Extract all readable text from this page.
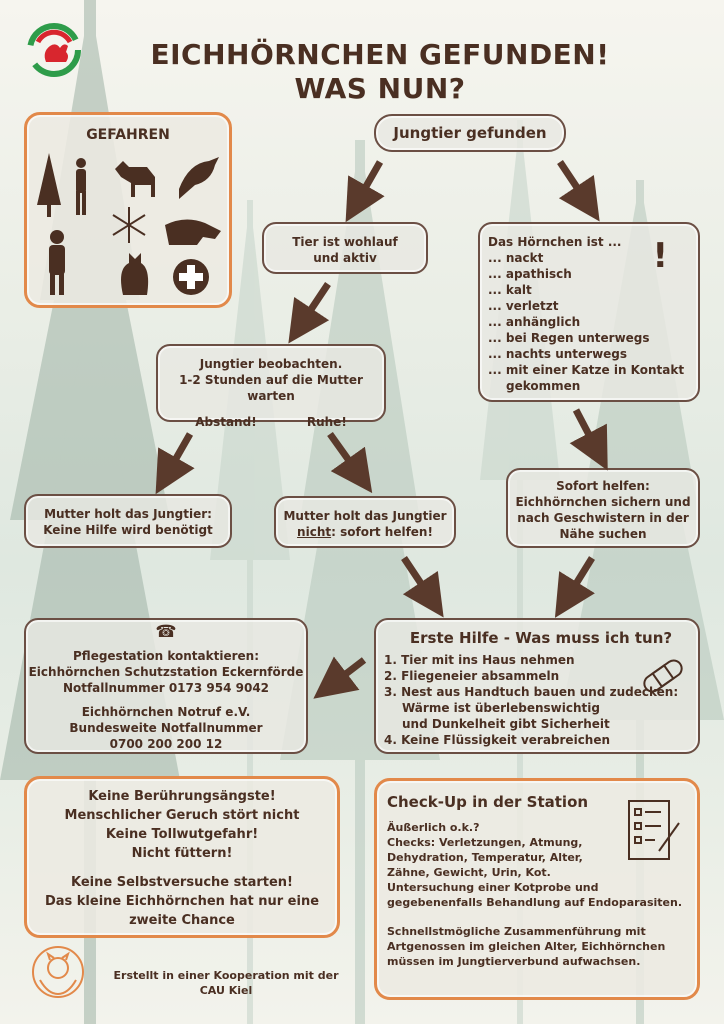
EICHHÖRNCHEN GEFUNDEN!
WAS NUN?
GEFAHREN	Jungtier gefunden
Tier ist wohlauf
und aktiv
Das Hörnchen ist ...
... nackt
... apathisch
... kalt
... verletzt
... anhänglich
... bei Regen unterwegs
... nachts unterwegs
... mit einer Katze in Kontakt
gekommen
!
Jungtier beobachten.
1-2 Stunden auf die Mutter warten
Abstand!	Ruhe!
Mutter holt das Jungtier:
Keine Hilfe wird benötigt
Mutter holt das Jungtier
nicht: sofort helfen!
Sofort helfen:
Eichhörnchen sichern und
nach Geschwistern in der
Nähe suchen
☎
Pflegestation kontaktieren:
Eichhörnchen Schutzstation Eckernförde
Notfallnummer 0173 954 9042
Eichhörnchen Notruf e.V.
Bundesweite Notfallnummer
0700 200 200 12
Erste Hilfe - Was muss ich tun?
1. Tier mit ins Haus nehmen
2. Fliegeneier absammeln
3. Nest aus Handtuch bauen und zudecken:
Wärme ist überlebenswichtig
und Dunkelheit gibt Sicherheit
4. Keine Flüssigkeit verabreichen
Keine Berührungsängste!
Menschlicher Geruch stört nicht
Keine Tollwutgefahr!
Nicht füttern!
Keine Selbstversuche starten!
Das kleine Eichhörnchen hat nur eine
zweite Chance
Check-Up in der Station
Äußerlich o.k.?
Checks: Verletzungen, Atmung,
Dehydration, Temperatur, Alter,
Zähne, Gewicht, Urin, Kot.
Untersuchung einer Kotprobe und
gegebenenfalls Behandlung auf Endoparasiten.
Schnellstmögliche Zusammenführung mit
Artgenossen im gleichen Alter, Eichhörnchen
müssen im Jungtierverbund aufwachsen.
Erstellt in einer Kooperation mit der
CAU Kiel
